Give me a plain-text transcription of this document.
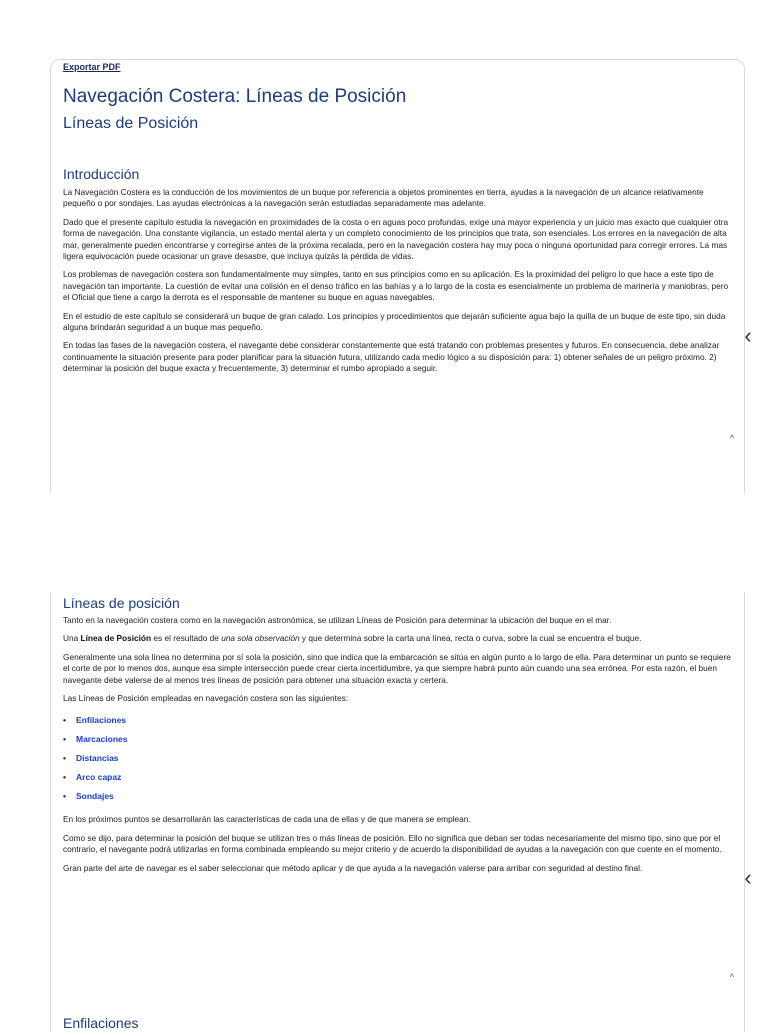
Exportar PDF
Navegación Costera: Líneas de Posición
Líneas de Posición
Introducción

La Navegación Costera es la conducción de los movimientos de un buque por referencia a objetos prominentes en tierra, ayudas a la navegación de un alcance relativamente pequeño o por sondajes. Las ayudas electrónicas a la navegación serán estudiadas separadamente mas adelante.

Dado que el presente capítulo estudia la navegación en proximidades de la costa o en aguas poco profundas, exige una mayor experiencia y un juicio mas exacto que cualquier otra forma de navegación. Una constante vigilancia, un estado mental alerta y un completo conocimiento de los principios que trata, son esenciales. Los errores en la navegación de alta mar, generalmente pueden encontrarse y corregirse antes de la próxima recalada, pero en la navegación costera hay muy poca o ninguna oportunidad para corregir errores. La mas ligera equivocación puede ocasionar un grave desastre, que incluya quizás la pérdida de vidas.

Los problemas de navegación costera son fundamentalmente muy simples, tanto en sus principios como en su aplicación. Es la proximidad del peligro lo que hace a este tipo de navegación tan importante. La cuestión de evitar una colisión en el denso tráfico en las bahías y a lo largo de la costa es esencialmente un problema de marinería y maniobras, pero el Oficial que tiene a cargo la derrota es el responsable de mantener su buque en aguas navegables.

En el estudio de este capítulo se considerará un buque de gran calado. Los principios y procedimientos que dejarán suficiente agua bajo la quilla de un buque de este tipo, sin duda alguna brindarán seguridad a un buque mas pequeño.

En todas las fases de la navegación costera, el navegante debe considerar constantemente que está tratando con problemas presentes y futuros. En consecuencia, debe analizar continuamente la situación presente para poder planificar para la situación futura, utilizando cada medio lógico a su disposición para: 1) obtener señales de un peligro próximo. 2) determinar la posición del buque exacta y frecuentemente, 3) determinar el rumbo apropiado a seguir.

‹
^
Líneas de posición

Tanto en la navegación costera como en la navegación astronómica, se utilizan Líneas de Posición para determinar la ubicación del buque en el mar.

Una Línea de Posición es el resultado de una sola observación y que determina sobre la carta una línea, recta o curva, sobre la cual se encuentra el buque.

Generalmente una sola línea no determina por sí sola la posición, sino que indica que la embarcación se sitúa en algún punto a lo largo de ella. Para determinar un punto se requiere el corte de por lo menos dos, aunque esa simple intersección puede crear cierta incertidumbre, ya que siempre habrá punto aún cuando una sea errónea. Por esta razón, el buen navegante debe valerse de al menos tres líneas de posición para obtener una situación exacta y certera.

Las Líneas de Posición empleadas en navegación costera son las siguientes:

• Enfilaciones
• Marcaciones
• Distancias
• Arco capaz
• Sondajes

En los próximos puntos se desarrollarán las características de cada una de ellas y de que manera se emplean.

Como se dijo, para determinar la posición del buque se utilizan tres o más líneas de posición. Ello no significa que deban ser todas necesariamente del mismo tipo, sino que por el contrario, el navegante podrá utilizarlas en forma combinada empleando su mejor criterio y de acuerdo la disponibilidad de ayudas a la navegación con que cuente en el momento.

Gran parte del arte de navegar es el saber seleccionar que método aplicar y de que ayuda a la navegación valerse para arribar con seguridad al destino final.	‹
^
Enfilaciones
